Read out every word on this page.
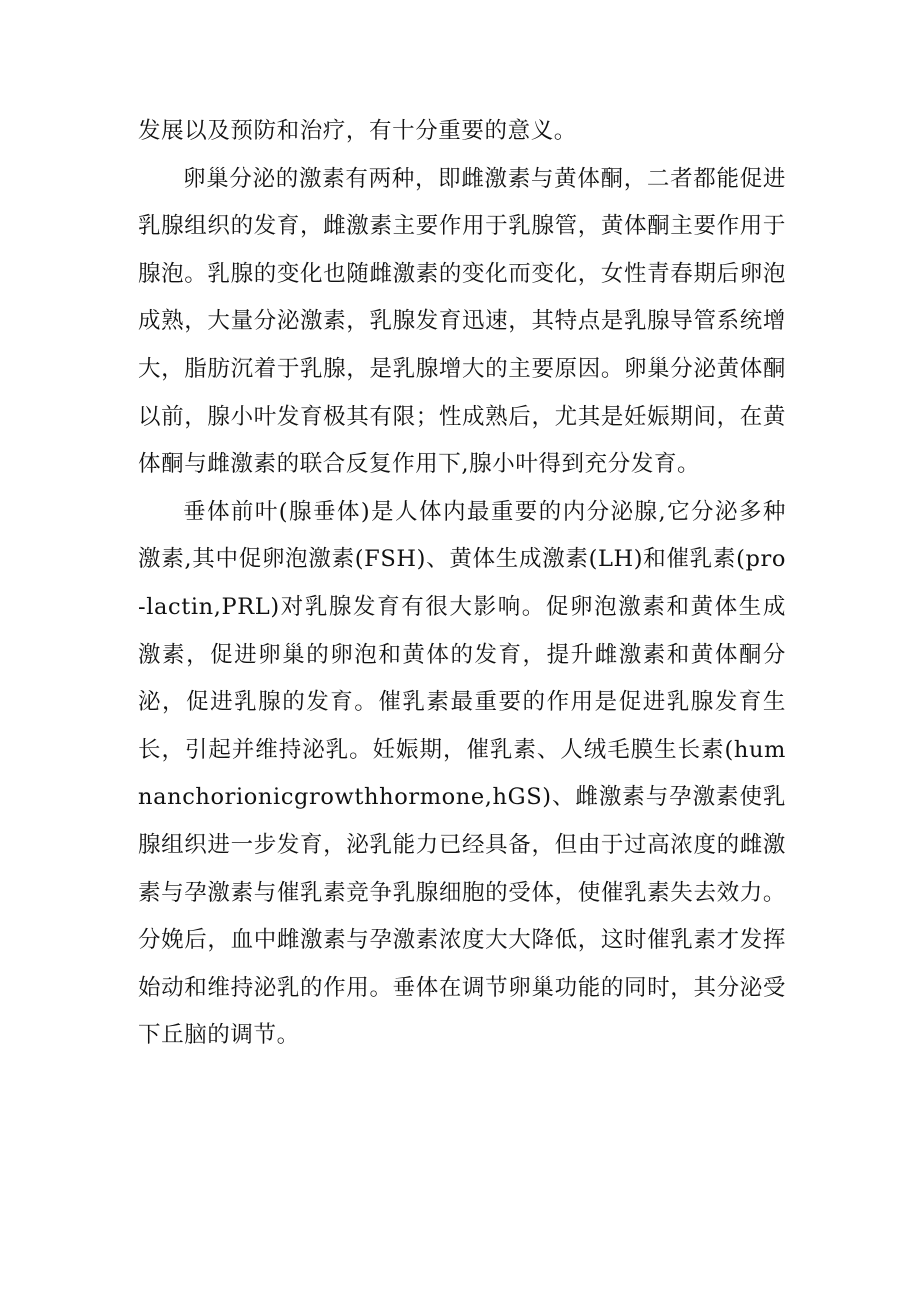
发展以及预防和治疗，有十分重要的意义。

卵巢分泌的激素有两种，即雌激素与黄体酮，二者都能促进乳腺组织的发育，雌激素主要作用于乳腺管，黄体酮主要作用于腺泡。乳腺的变化也随雌激素的变化而变化，女性青春期后卵泡成熟，大量分泌激素，乳腺发育迅速，其特点是乳腺导管系统增大，脂肪沉着于乳腺，是乳腺增大的主要原因。卵巢分泌黄体酮以前，腺小叶发育极其有限；性成熟后，尤其是妊娠期间，在黄体酮与雌激素的联合反复作用下,腺小叶得到充分发育。

垂体前叶(腺垂体)是人体内最重要的内分泌腺,它分泌多种激素,其中促卵泡激素(FSH)、黄体生成激素(LH)和催乳素(pro-lactin,PRL)对乳腺发育有很大影响。促卵泡激素和黄体生成激素，促进卵巢的卵泡和黄体的发育，提升雌激素和黄体酮分泌，促进乳腺的发育。催乳素最重要的作用是促进乳腺发育生长，引起并维持泌乳。妊娠期，催乳素、人绒毛膜生长素(humnanchorionicgrowthhormone,hGS)、雌激素与孕激素使乳腺组织进一步发育，泌乳能力已经具备，但由于过高浓度的雌激素与孕激素与催乳素竞争乳腺细胞的受体，使催乳素失去效力。分娩后，血中雌激素与孕激素浓度大大降低，这时催乳素才发挥始动和维持泌乳的作用。垂体在调节卵巢功能的同时，其分泌受下丘脑的调节。
